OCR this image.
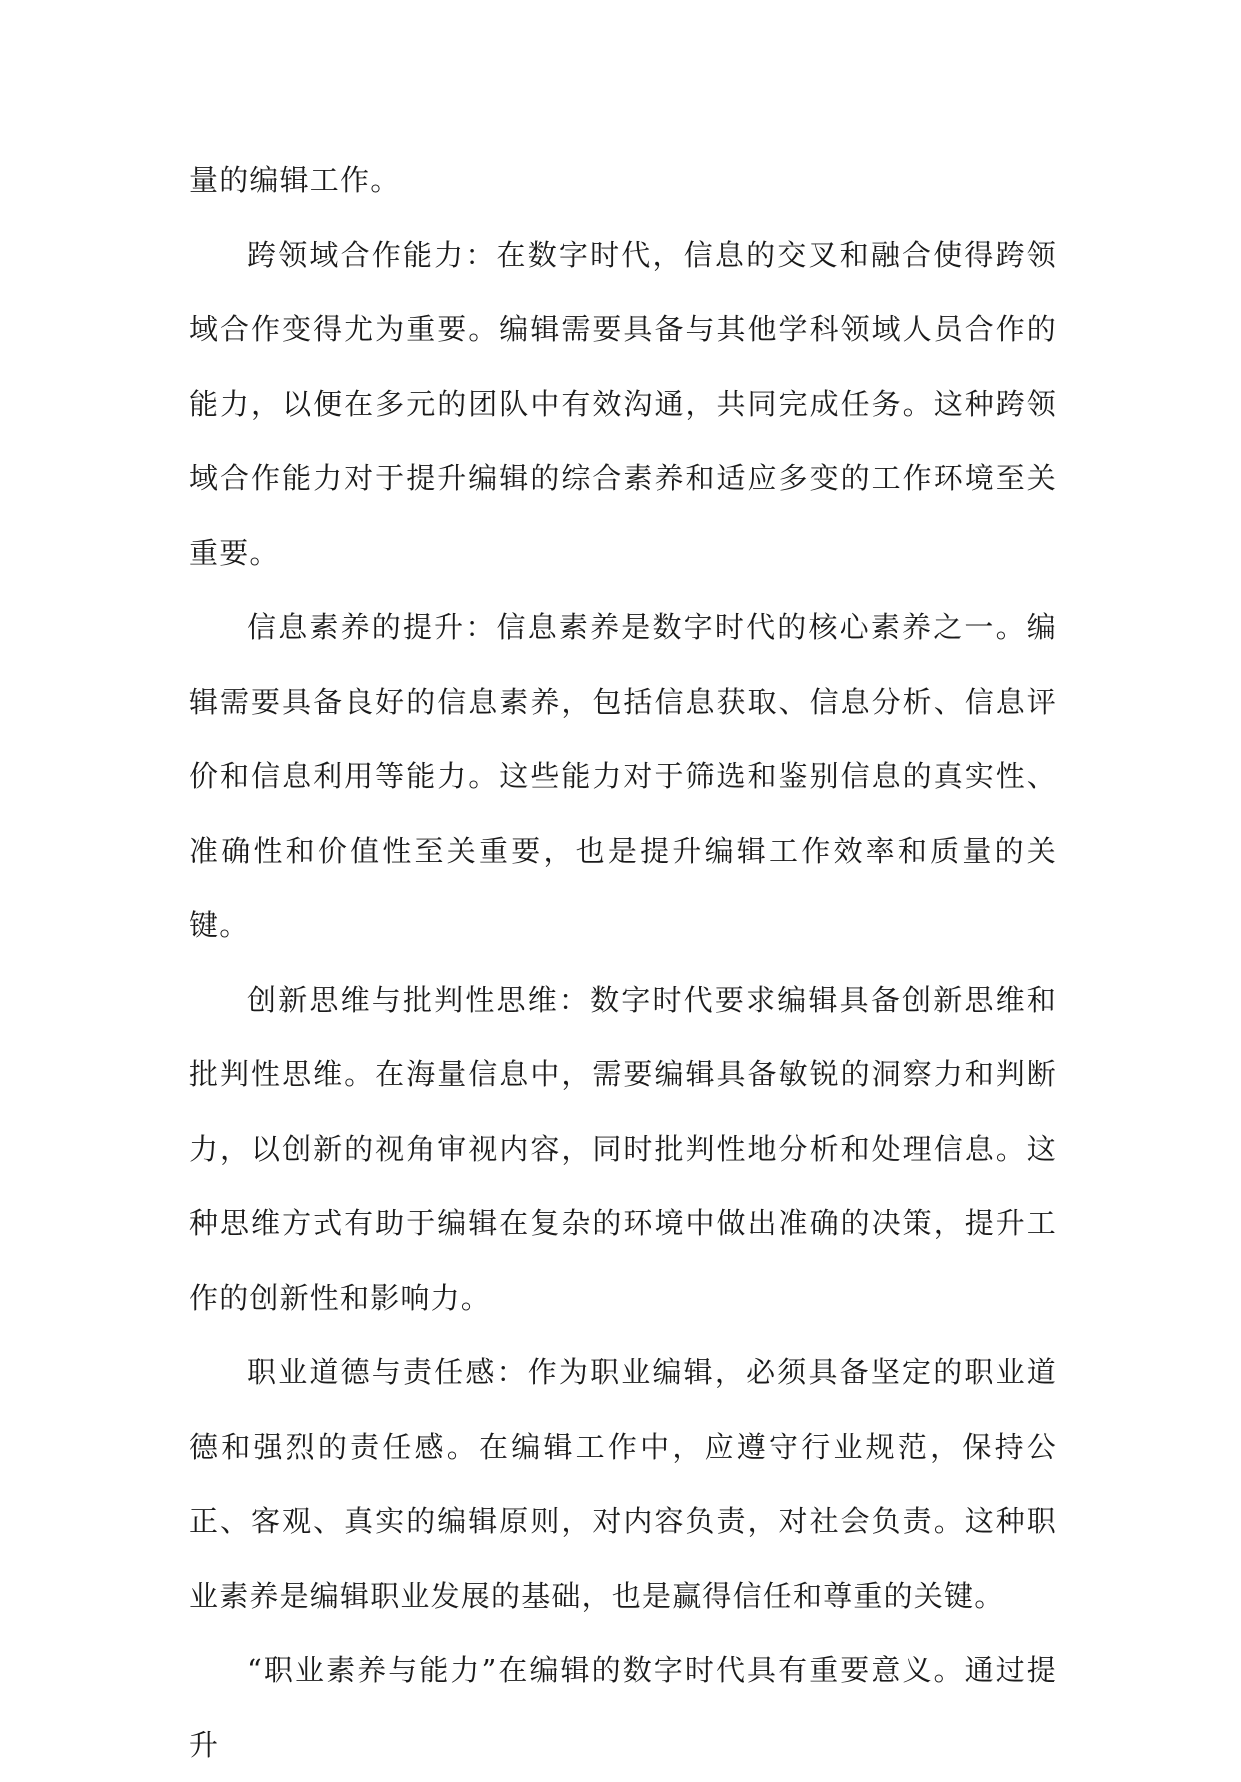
量的编辑工作。

跨领域合作能力：在数字时代，信息的交叉和融合使得跨领域合作变得尤为重要。编辑需要具备与其他学科领域人员合作的能力，以便在多元的团队中有效沟通，共同完成任务。这种跨领域合作能力对于提升编辑的综合素养和适应多变的工作环境至关重要。

信息素养的提升：信息素养是数字时代的核心素养之一。编辑需要具备良好的信息素养，包括信息获取、信息分析、信息评价和信息利用等能力。这些能力对于筛选和鉴别信息的真实性、准确性和价值性至关重要，也是提升编辑工作效率和质量的关键。

创新思维与批判性思维：数字时代要求编辑具备创新思维和批判性思维。在海量信息中，需要编辑具备敏锐的洞察力和判断力，以创新的视角审视内容，同时批判性地分析和处理信息。这种思维方式有助于编辑在复杂的环境中做出准确的决策，提升工作的创新性和影响力。

职业道德与责任感：作为职业编辑，必须具备坚定的职业道德和强烈的责任感。在编辑工作中，应遵守行业规范，保持公正、客观、真实的编辑原则，对内容负责，对社会负责。这种职业素养是编辑职业发展的基础，也是赢得信任和尊重的关键。

“职业素养与能力”在编辑的数字时代具有重要意义。通过提升
